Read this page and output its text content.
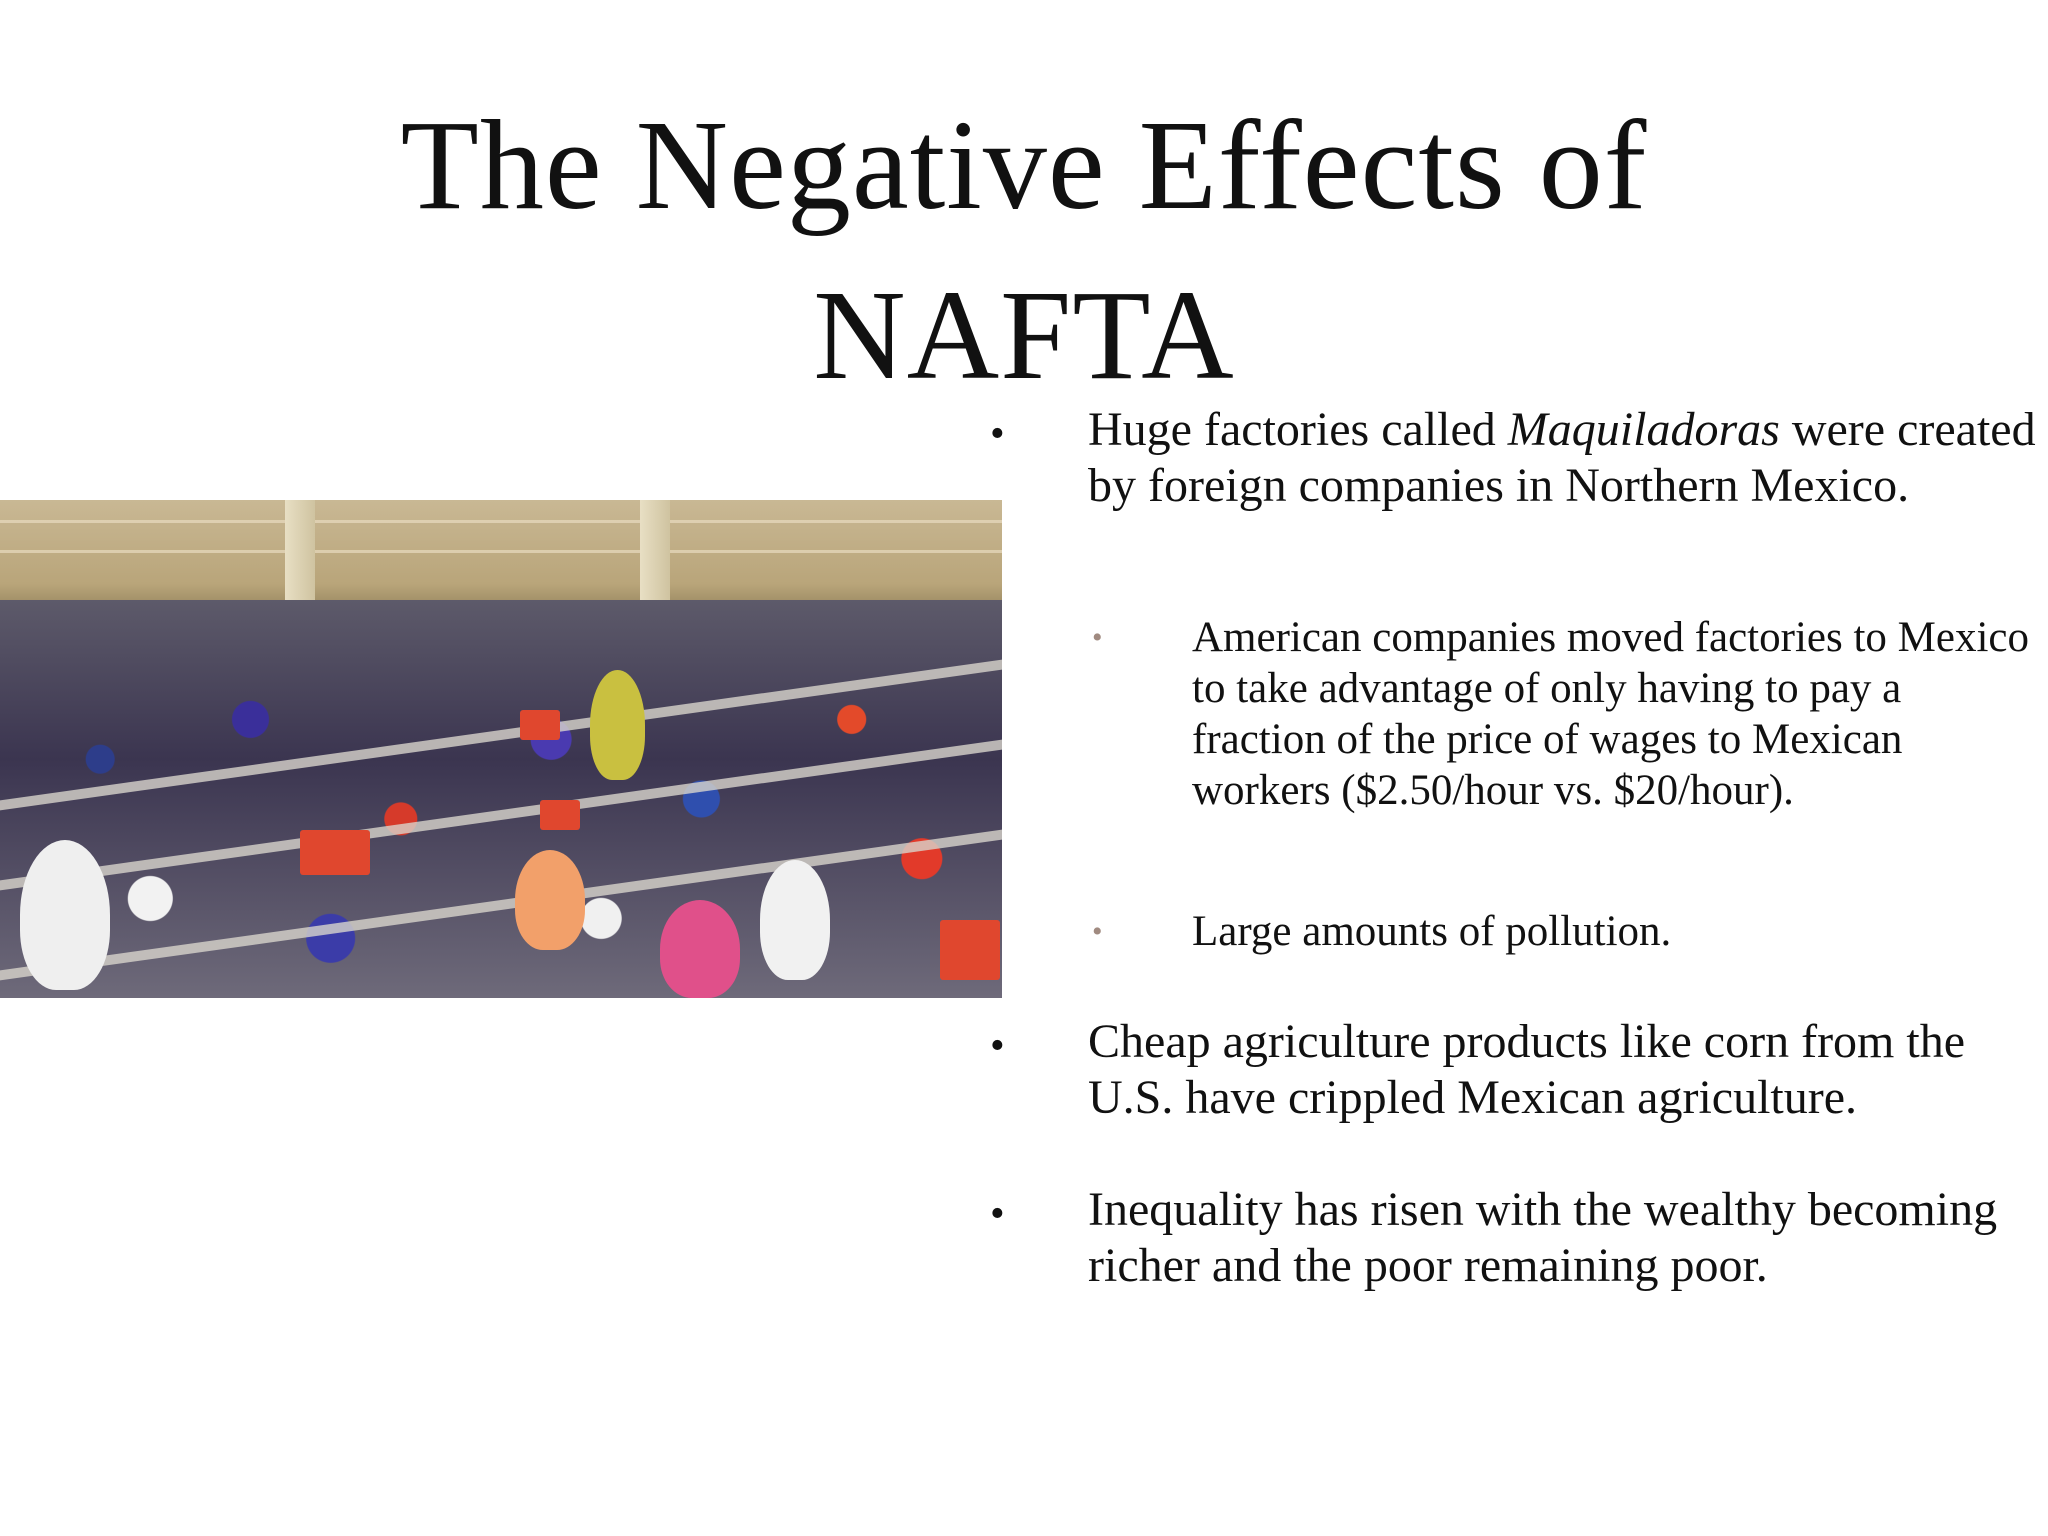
The Negative Effects of
NAFTA
• Huge factories called Maquiladoras were created by foreign companies in Northern Mexico.
• American companies moved factories to Mexico to take advantage of only having to pay a fraction of the price of wages to Mexican workers ($2.50/hour vs. $20/hour).
• Large amounts of pollution.
• Cheap agriculture products like corn from the U.S. have crippled Mexican agriculture.
• Inequality has risen with the wealthy becoming richer and the poor remaining poor.
